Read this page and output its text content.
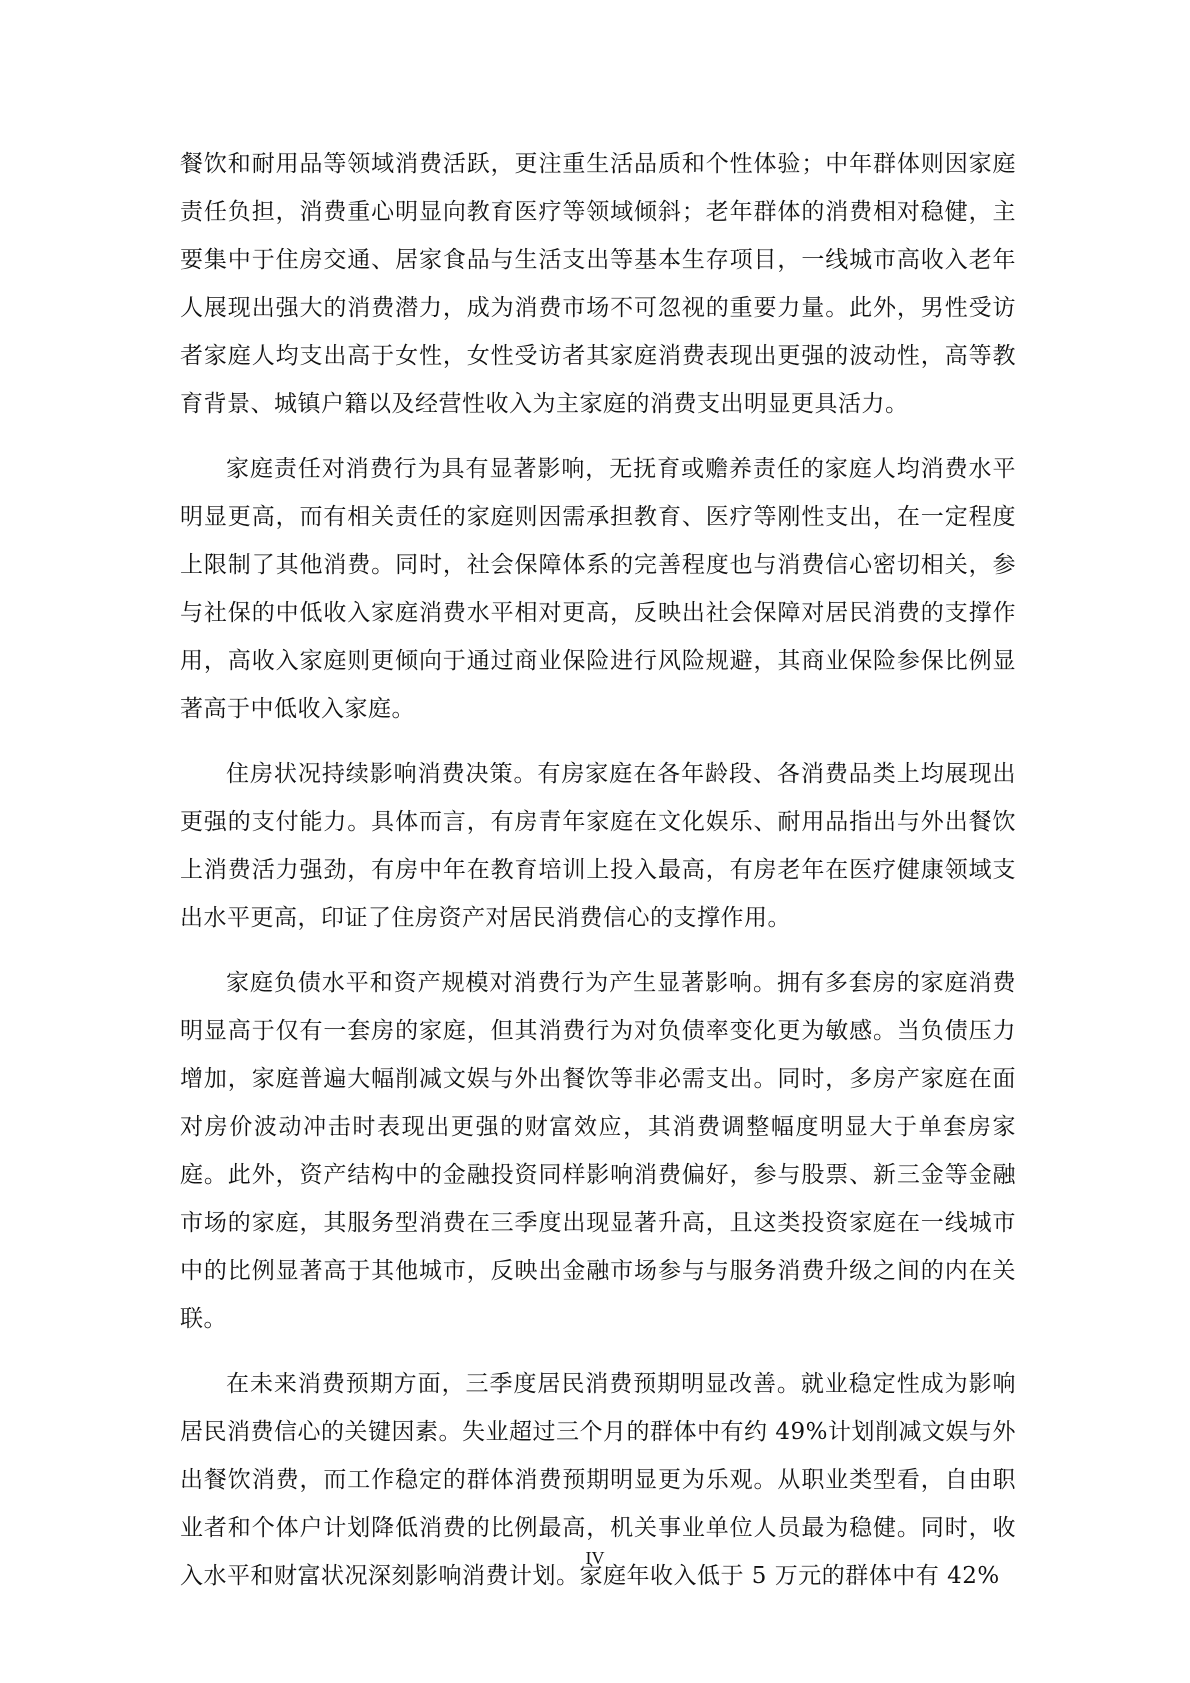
餐饮和耐用品等领域消费活跃，更注重生活品质和个性体验；中年群体则因家庭责任负担，消费重心明显向教育医疗等领域倾斜；老年群体的消费相对稳健，主要集中于住房交通、居家食品与生活支出等基本生存项目，一线城市高收入老年人展现出强大的消费潜力，成为消费市场不可忽视的重要力量。此外，男性受访者家庭人均支出高于女性，女性受访者其家庭消费表现出更强的波动性，高等教育背景、城镇户籍以及经营性收入为主家庭的消费支出明显更具活力。

家庭责任对消费行为具有显著影响，无抚育或赡养责任的家庭人均消费水平明显更高，而有相关责任的家庭则因需承担教育、医疗等刚性支出，在一定程度上限制了其他消费。同时，社会保障体系的完善程度也与消费信心密切相关，参与社保的中低收入家庭消费水平相对更高，反映出社会保障对居民消费的支撑作用，高收入家庭则更倾向于通过商业保险进行风险规避，其商业保险参保比例显著高于中低收入家庭。

住房状况持续影响消费决策。有房家庭在各年龄段、各消费品类上均展现出更强的支付能力。具体而言，有房青年家庭在文化娱乐、耐用品指出与外出餐饮上消费活力强劲，有房中年在教育培训上投入最高，有房老年在医疗健康领域支出水平更高，印证了住房资产对居民消费信心的支撑作用。

家庭负债水平和资产规模对消费行为产生显著影响。拥有多套房的家庭消费明显高于仅有一套房的家庭，但其消费行为对负债率变化更为敏感。当负债压力增加，家庭普遍大幅削减文娱与外出餐饮等非必需支出。同时，多房产家庭在面对房价波动冲击时表现出更强的财富效应，其消费调整幅度明显大于单套房家庭。此外，资产结构中的金融投资同样影响消费偏好，参与股票、新三金等金融市场的家庭，其服务型消费在三季度出现显著升高，且这类投资家庭在一线城市中的比例显著高于其他城市，反映出金融市场参与与服务消费升级之间的内在关联。

在未来消费预期方面，三季度居民消费预期明显改善。就业稳定性成为影响居民消费信心的关键因素。失业超过三个月的群体中有约 49%计划削减文娱与外出餐饮消费，而工作稳定的群体消费预期明显更为乐观。从职业类型看，自由职业者和个体户计划降低消费的比例最高，机关事业单位人员最为稳健。同时，收入水平和财富状况深刻影响消费计划。家庭年收入低于 5 万元的群体中有 42%

IV
